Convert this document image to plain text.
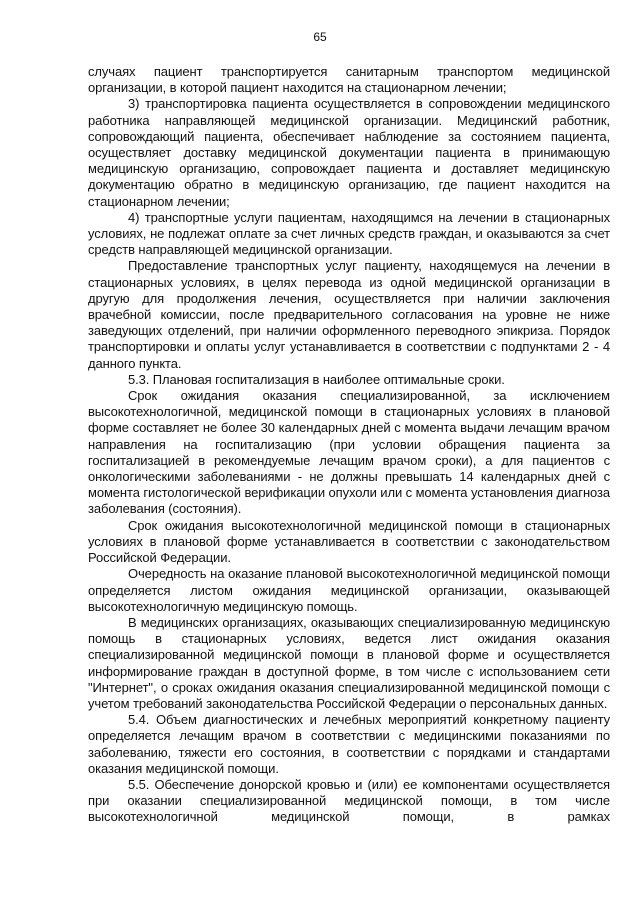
65

случаях пациент транспортируется санитарным транспортом медицинской организации, в которой пациент находится на стационарном лечении;

3) транспортировка пациента осуществляется в сопровождении медицинского работника направляющей медицинской организации. Медицинский работник, сопровождающий пациента, обеспечивает наблюдение за состоянием пациента, осуществляет доставку медицинской документации пациента в принимающую медицинскую организацию, сопровождает пациента и доставляет медицинскую документацию обратно в медицинскую организацию, где пациент находится на стационарном лечении;

4) транспортные услуги пациентам, находящимся на лечении в стационарных условиях, не подлежат оплате за счет личных средств граждан, и оказываются за счет средств направляющей медицинской организации.

Предоставление транспортных услуг пациенту, находящемуся на лечении в стационарных условиях, в целях перевода из одной медицинской организации в другую для продолжения лечения, осуществляется при наличии заключения врачебной комиссии, после предварительного согласования на уровне не ниже заведующих отделений, при наличии оформленного переводного эпикриза. Порядок транспортировки и оплаты услуг устанавливается в соответствии с подпунктами 2 - 4 данного пункта.

5.3. Плановая госпитализация в наиболее оптимальные сроки.

Срок ожидания оказания специализированной, за исключением высокотехнологичной, медицинской помощи в стационарных условиях в плановой форме составляет не более 30 календарных дней с момента выдачи лечащим врачом направления на госпитализацию (при условии обращения пациента за госпитализацией в рекомендуемые лечащим врачом сроки), а для пациентов с онкологическими заболеваниями - не должны превышать 14 календарных дней с момента гистологической верификации опухоли или с момента установления диагноза заболевания (состояния).

Срок ожидания высокотехнологичной медицинской помощи в стационарных условиях в плановой форме устанавливается в соответствии с законодательством Российской Федерации.

Очередность на оказание плановой высокотехнологичной медицинской помощи определяется листом ожидания медицинской организации, оказывающей высокотехнологичную медицинскую помощь.

В медицинских организациях, оказывающих специализированную медицинскую помощь в стационарных условиях, ведется лист ожидания оказания специализированной медицинской помощи в плановой форме и осуществляется информирование граждан в доступной форме, в том числе с использованием сети "Интернет", о сроках ожидания оказания специализированной медицинской помощи с учетом требований законодательства Российской Федерации о персональных данных.

5.4. Объем диагностических и лечебных мероприятий конкретному пациенту определяется лечащим врачом в соответствии с медицинскими показаниями по заболеванию, тяжести его состояния, в соответствии с порядками и стандартами оказания медицинской помощи.

5.5. Обеспечение донорской кровью и (или) ее компонентами осуществляется при оказании специализированной медицинской помощи, в том числе высокотехнологичной медицинской помощи, в рамках
